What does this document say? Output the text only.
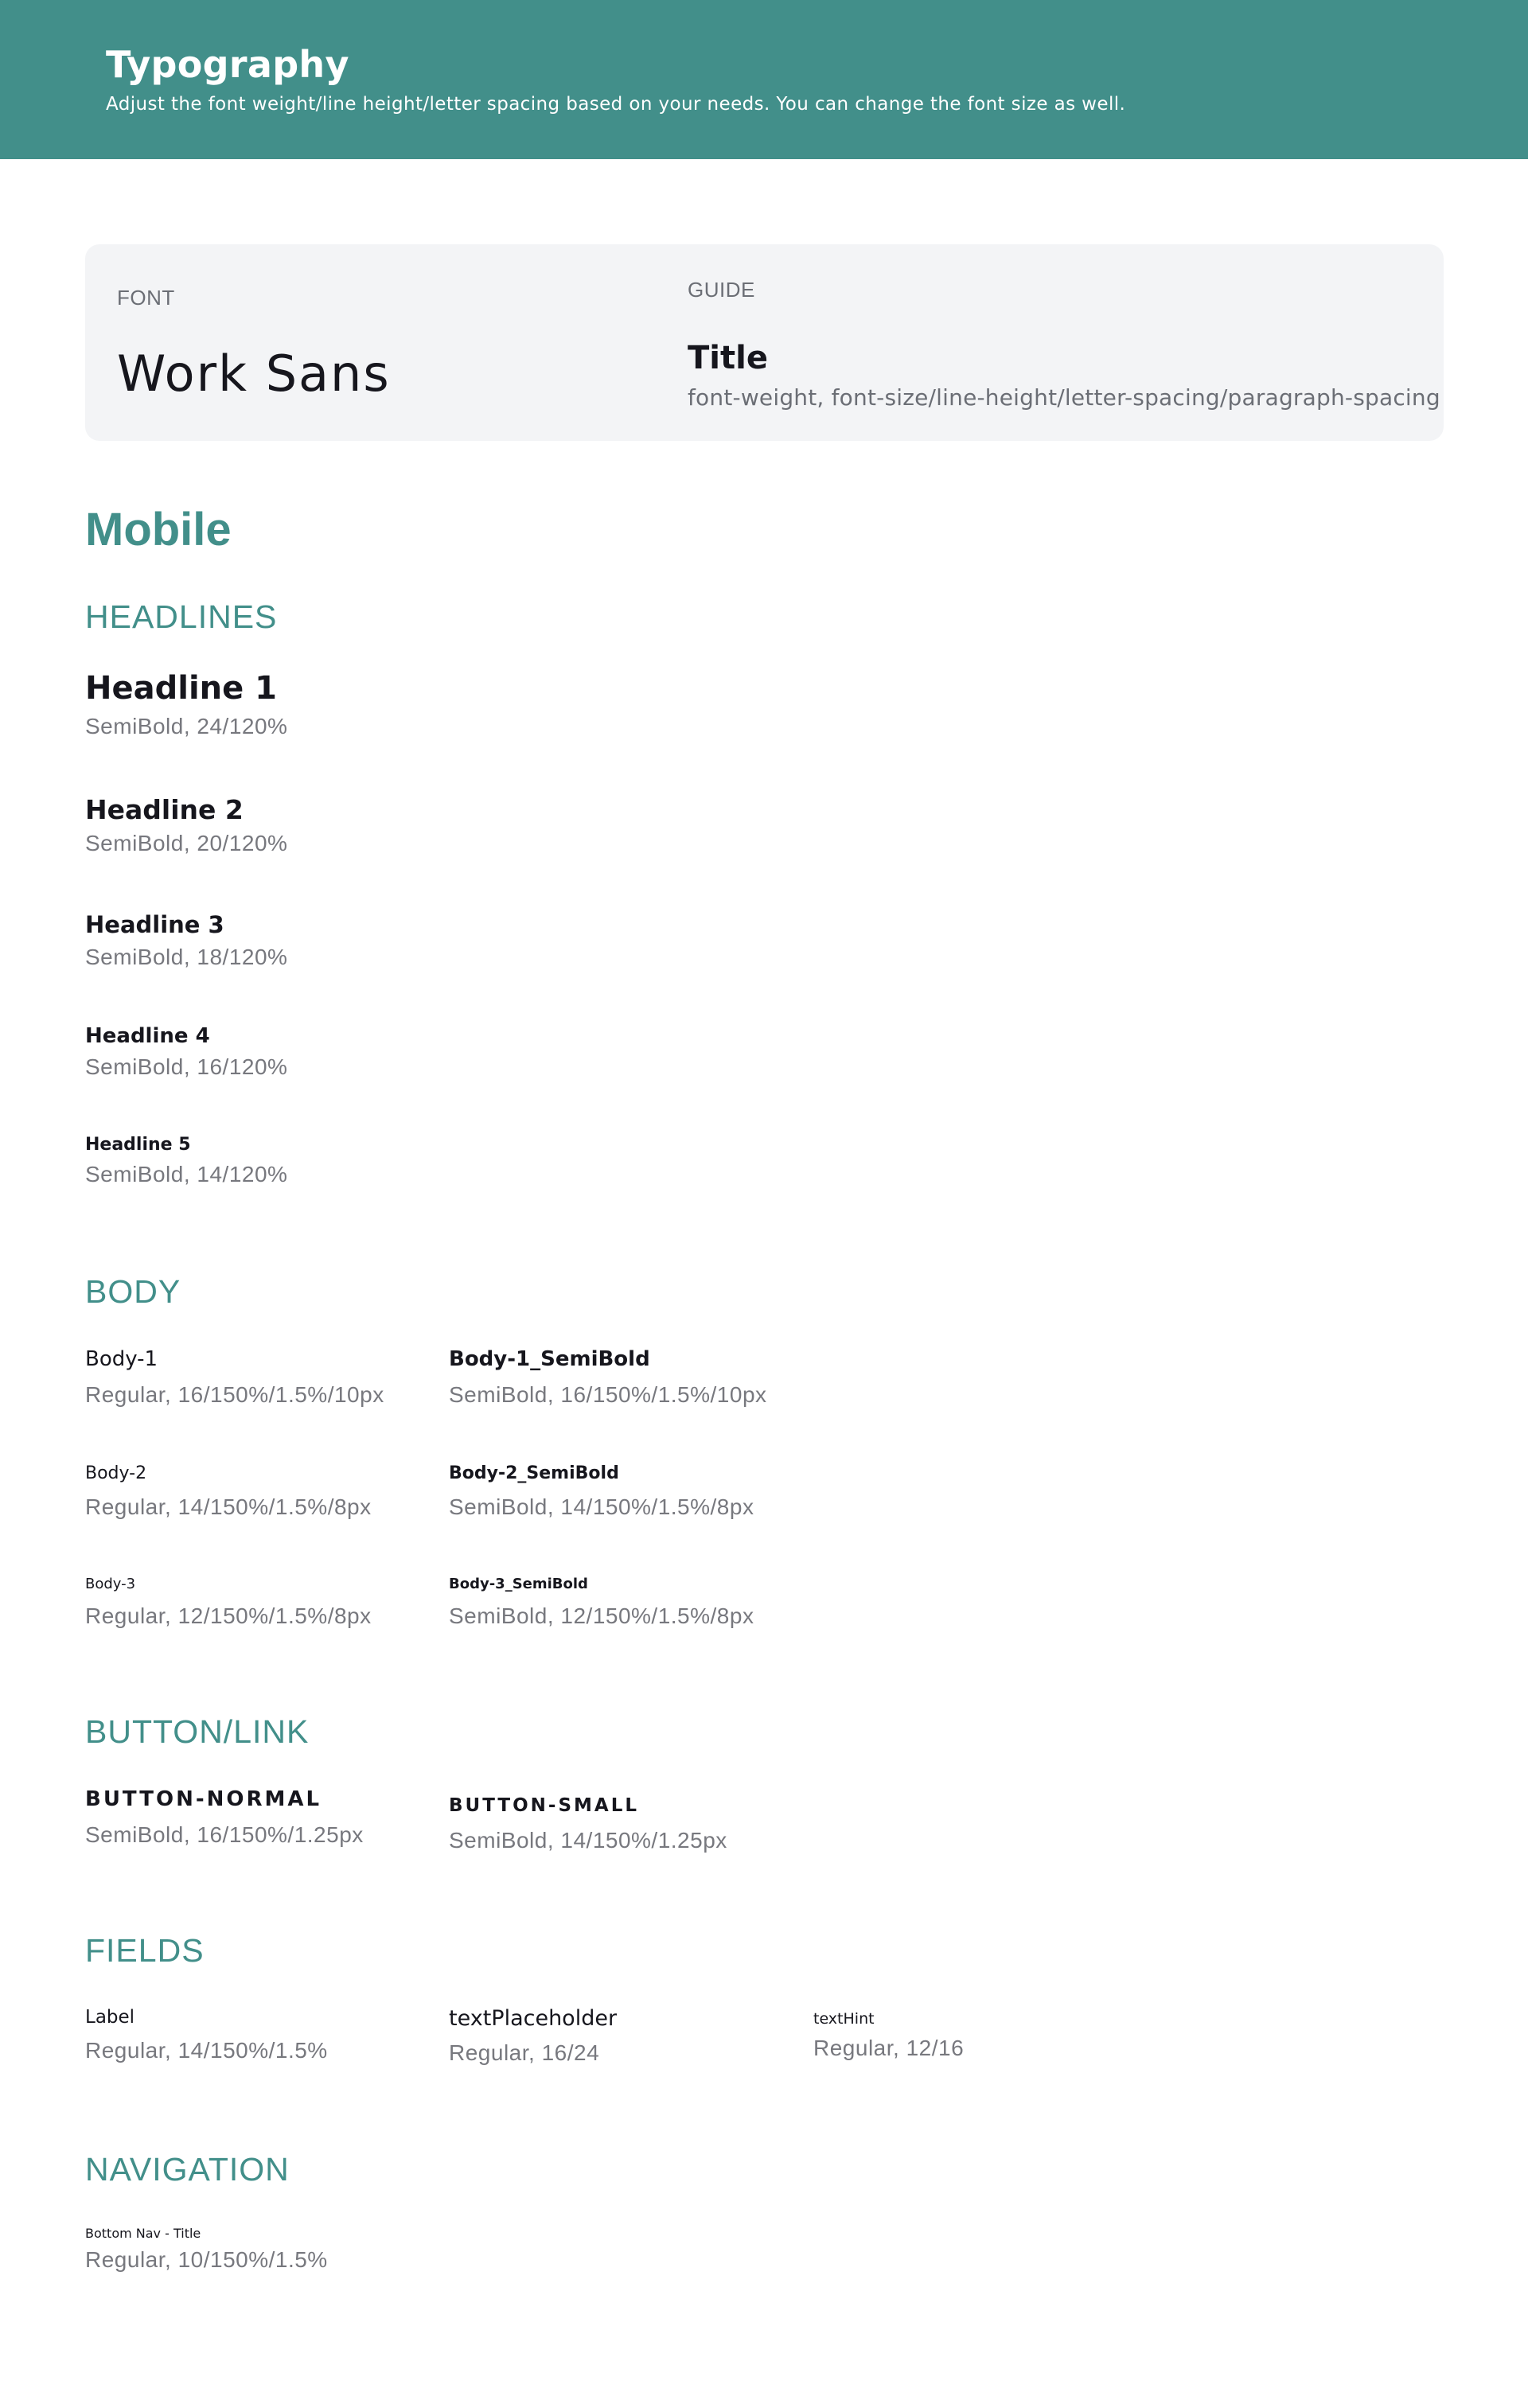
Typography
Adjust the font weight/line height/letter spacing based on your needs. You can change the font size as well.
FONT
Work Sans
GUIDE
Title
font-weight, font-size/line-height/letter-spacing/paragraph-spacing
Mobile
HEADLINES
Headline 1
SemiBold, 24/120%
Headline 2
SemiBold, 20/120%
Headline 3
SemiBold, 18/120%
Headline 4
SemiBold, 16/120%
Headline 5
SemiBold, 14/120%
BODY
Body-1
Regular, 16/150%/1.5%/10px
Body-1_SemiBold
SemiBold, 16/150%/1.5%/10px
Body-2
Regular, 14/150%/1.5%/8px
Body-2_SemiBold
SemiBold, 14/150%/1.5%/8px
Body-3
Regular, 12/150%/1.5%/8px
Body-3_SemiBold
SemiBold, 12/150%/1.5%/8px
BUTTON/LINK
BUTTON-NORMAL
SemiBold, 16/150%/1.25px
BUTTON-SMALL
SemiBold, 14/150%/1.25px
FIELDS
Label
Regular, 14/150%/1.5%
textPlaceholder
Regular, 16/24
textHint
Regular, 12/16
NAVIGATION
Bottom Nav - Title
Regular, 10/150%/1.5%
